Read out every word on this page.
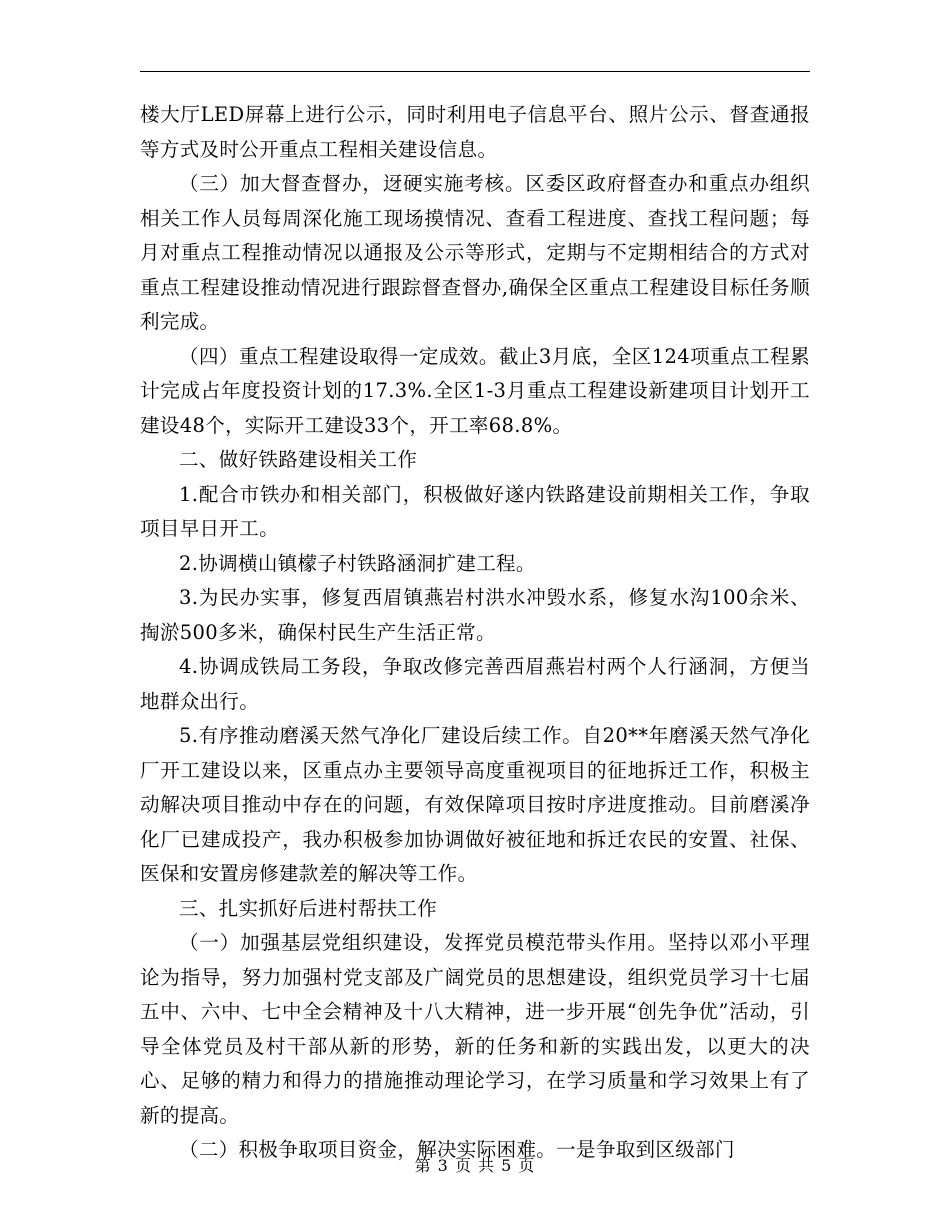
楼大厅LED屏幕上进行公示，同时利用电子信息平台、照片公示、督查通报等方式及时公开重点工程相关建设信息。

（三）加大督查督办，迓硬实施考核。区委区政府督查办和重点办组织相关工作人员每周深化施工现场摸情况、查看工程进度、查找工程问题；每月对重点工程推动情况以通报及公示等形式，定期与不定期相结合的方式对重点工程建设推动情况进行跟踪督查督办,确保全区重点工程建设目标任务顺利完成。

（四）重点工程建设取得一定成效。截止3月底，全区124项重点工程累计完成占年度投资计划的17.3%.全区1-3月重点工程建设新建项目计划开工建设48个，实际开工建设33个，开工率68.8%。

二、做好铁路建设相关工作

1.配合市铁办和相关部门，积极做好遂内铁路建设前期相关工作，争取项目早日开工。

2.协调横山镇檬子村铁路涵洞扩建工程。

3.为民办实事，修复西眉镇燕岩村洪水冲毁水系，修复水沟100余米、掏淤500多米，确保村民生产生活正常。

4.协调成铁局工务段，争取改修完善西眉燕岩村两个人行涵洞，方便当地群众出行。

5.有序推动磨溪天然气净化厂建设后续工作。自20**年磨溪天然气净化厂开工建设以来，区重点办主要领导高度重视项目的征地拆迁工作，积极主动解决项目推动中存在的问题，有效保障项目按时序进度推动。目前磨溪净化厂已建成投产，我办积极参加协调做好被征地和拆迁农民的安置、社保、医保和安置房修建款差的解决等工作。

三、扎实抓好后进村帮扶工作

（一）加强基层党组织建设，发挥党员模范带头作用。坚持以邓小平理论为指导，努力加强村党支部及广阔党员的思想建设，组织党员学习十七届五中、六中、七中全会精神及十八大精神，进一步开展“创先争优”活动，引导全体党员及村干部从新的形势，新的任务和新的实践出发，以更大的决心、足够的精力和得力的措施推动理论学习，在学习质量和学习效果上有了新的提高。

（二）积极争取项目资金，解决实际困难。一是争取到区级部门

第 3 页 共 5 页
